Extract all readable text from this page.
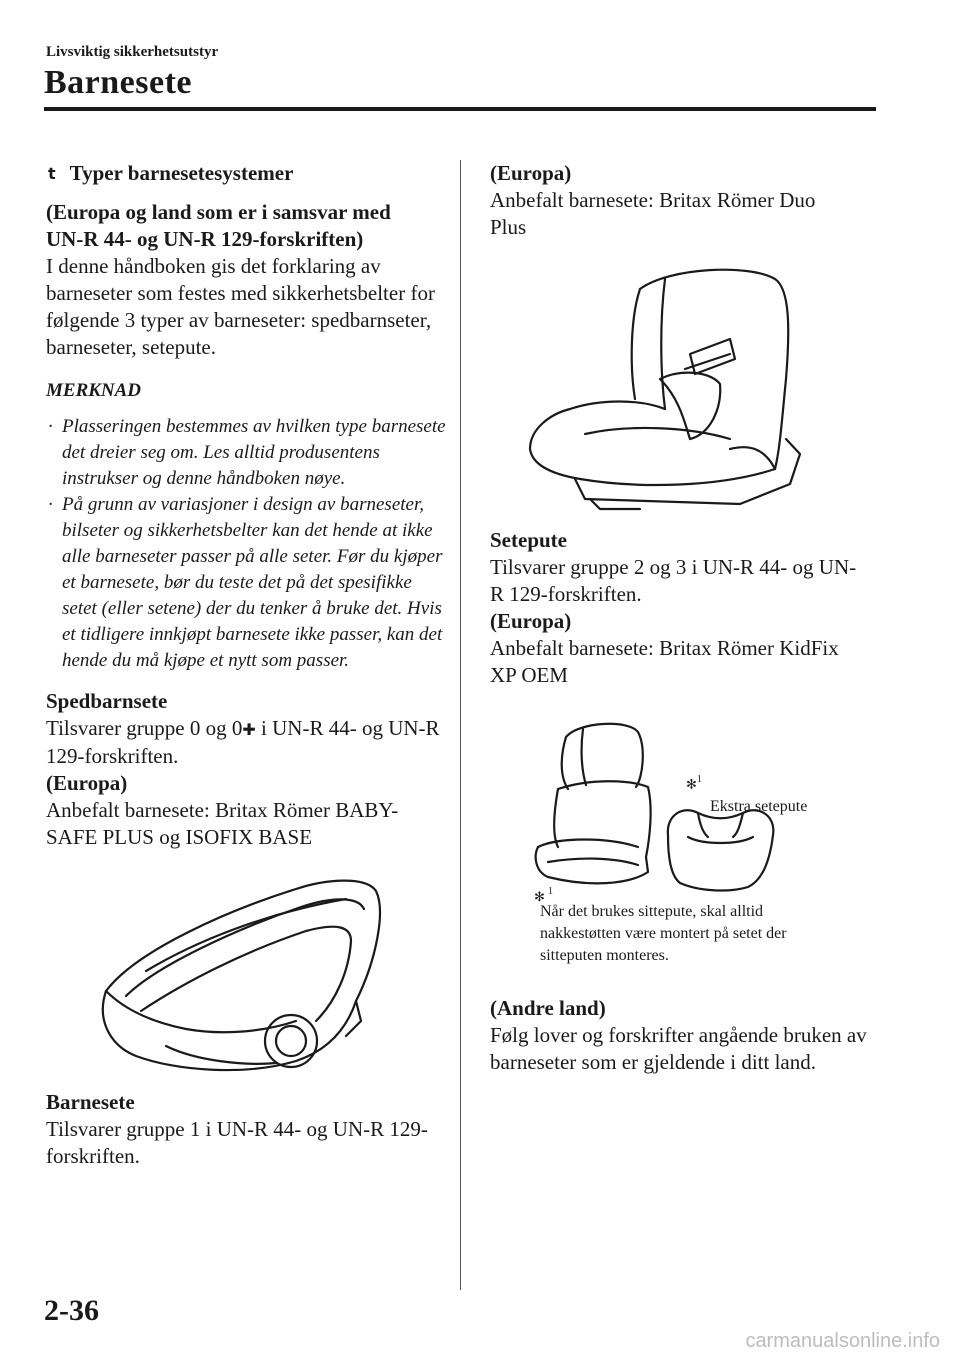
Livsviktig sikkerhetsutstyr
Barnesete
t Typer barnesetesystemer
(Europa og land som er i samsvar med
UN-R 44- og UN-R 129-forskriften)
I denne håndboken gis det forklaring av barneseter som festes med sikkerhetsbelter for følgende 3 typer av barneseter: spedbarnseter, barneseter, setepute.
MERKNAD
· Plasseringen bestemmes av hvilken type barnesete det dreier seg om. Les alltid produsentens instrukser og denne håndboken nøye.
· På grunn av variasjoner i design av barneseter, bilseter og sikkerhetsbelter kan det hende at ikke alle barneseter passer på alle seter. Før du kjøper et barnesete, bør du teste det på det spesifikke setet (eller setene) der du tenker å bruke det. Hvis et tidligere innkjøpt barnesete ikke passer, kan det hende du må kjøpe et nytt som passer.
Spedbarnsete
Tilsvarer gruppe 0 og 0✚ i UN-R 44- og UN-R 129-forskriften.
(Europa)
Anbefalt barnesete: Britax Römer BABY-SAFE PLUS og ISOFIX BASE
Barnesete
Tilsvarer gruppe 1 i UN-R 44- og UN-R 129-forskriften.
(Europa)
Anbefalt barnesete: Britax Römer Duo Plus
Setepute
Tilsvarer gruppe 2 og 3 i UN-R 44- og UN-R 129-forskriften.
(Europa)
Anbefalt barnesete: Britax Römer KidFix XP OEM
✻$^1$
Ekstra setepute
✻ 1
Når det brukes sittepute, skal alltid nakkestøtten være montert på setet der sitteputen monteres.
(Andre land)
Følg lover og forskrifter angående bruken av barneseter som er gjeldende i ditt land.
2-36
carmanualsonline.info
